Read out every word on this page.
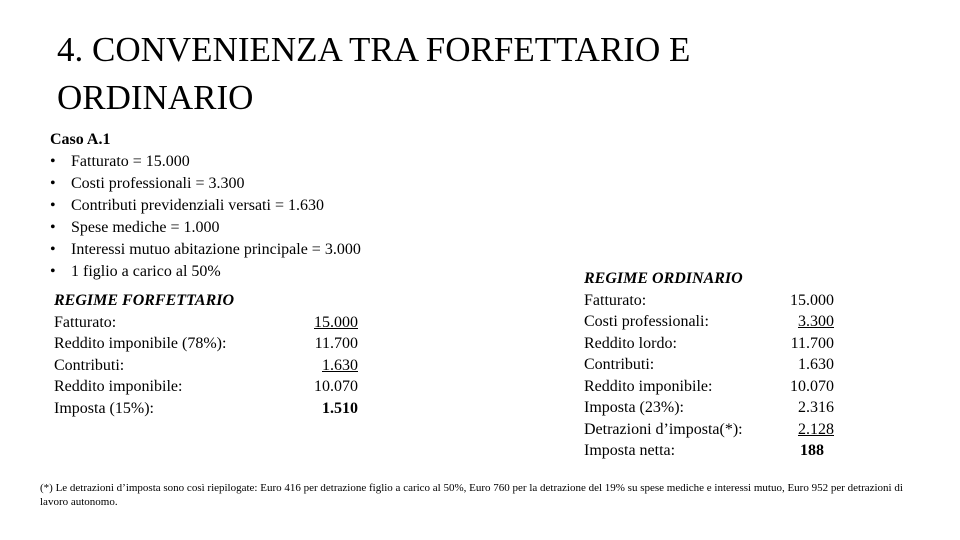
4. CONVENIENZA TRA FORFETTARIO E ORDINARIO
Caso A.1
• Fatturato = 15.000
• Costi professionali = 3.300
• Contributi previdenziali versati = 1.630
• Spese mediche = 1.000
• Interessi mutuo abitazione principale = 3.000
• 1 figlio a carico al 50%
REGIME FORFETTARIO
Fatturato:	15.000
Reddito imponibile (78%):	11.700
Contributi:	1.630
Reddito imponibile:	10.070
Imposta (15%):	1.510
REGIME ORDINARIO
Fatturato:	15.000
Costi professionali:	3.300
Reddito lordo:	11.700
Contributi:	1.630
Reddito imponibile:	10.070
Imposta (23%):	2.316
Detrazioni d’imposta(*):	2.128
Imposta netta:	188
(*) Le detrazioni d’imposta sono così riepilogate: Euro 416 per detrazione figlio a carico al 50%, Euro 760 per la detrazione del 19% su spese mediche e interessi mutuo, Euro 952 per detrazioni di lavoro autonomo.
